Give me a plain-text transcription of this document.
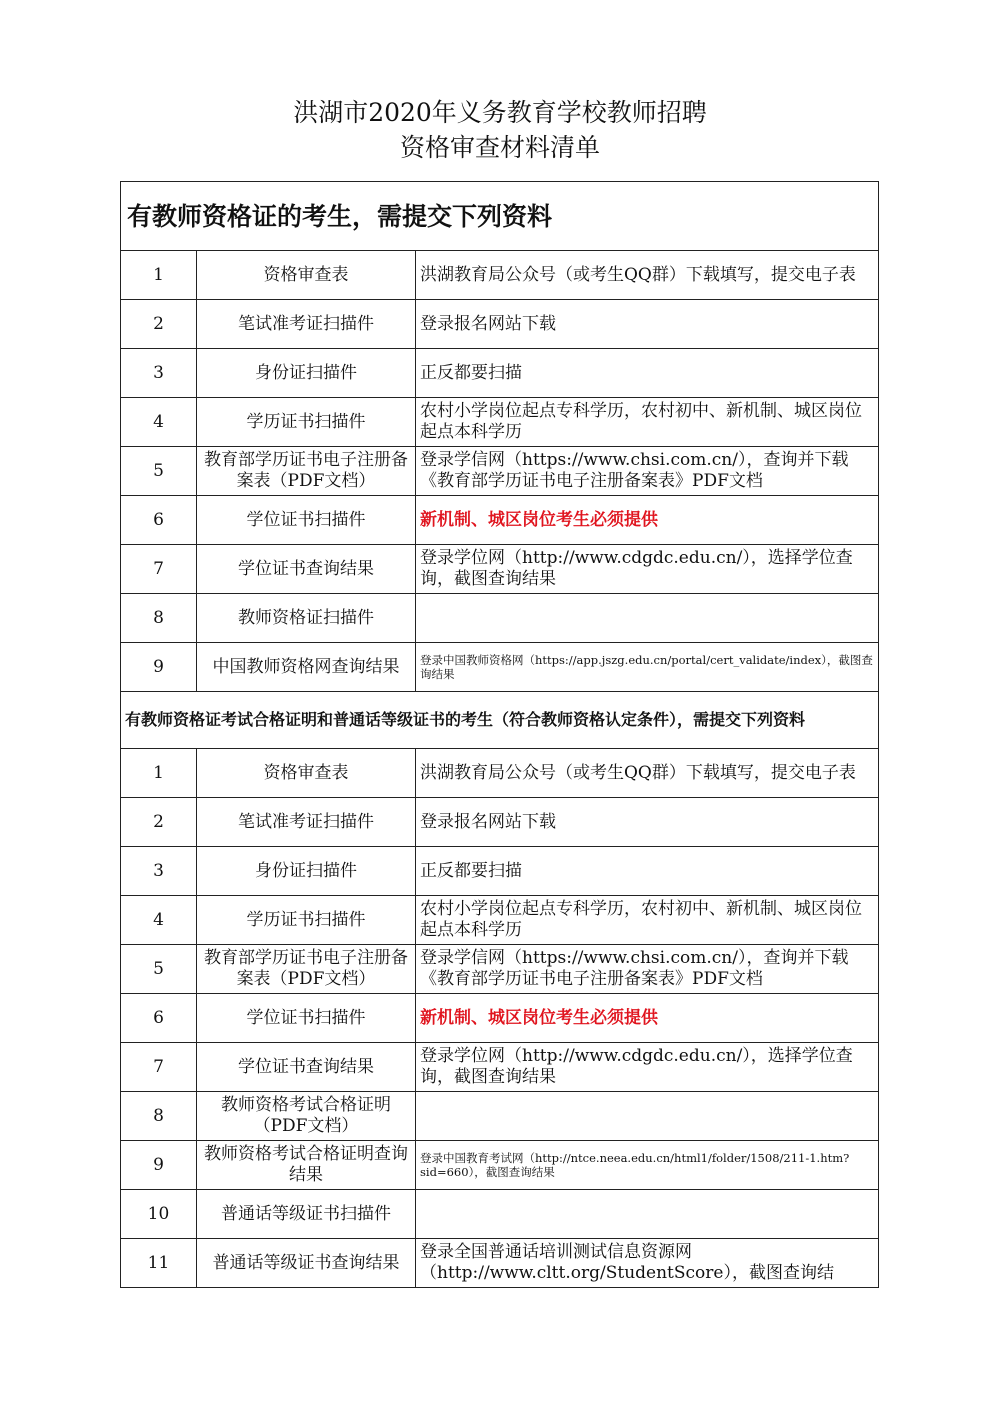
洪湖市2020年义务教育学校教师招聘
资格审查材料清单
有教师资格证的考生，需提交下列资料		
1	资格审查表	洪湖教育局公众号（或考生QQ群）下载填写，提交电子表
2	笔试准考证扫描件	登录报名网站下载
3	身份证扫描件	正反都要扫描
4	学历证书扫描件	农村小学岗位起点专科学历，农村初中、新机制、城区岗位起点本科学历
5	教育部学历证书电子注册备案表（PDF文档）	登录学信网（https://www.chsi.com.cn/），查询并下载《教育部学历证书电子注册备案表》PDF文档
6	学位证书扫描件	新机制、城区岗位考生必须提供
7	学位证书查询结果	登录学位网（http://www.cdgdc.edu.cn/），选择学位查询，截图查询结果
8	教师资格证扫描件	
9	中国教师资格网查询结果	登录中国教师资格网（https://app.jszg.edu.cn/portal/cert_validate/index），截图查询结果
有教师资格证考试合格证明和普通话等级证书的考生（符合教师资格认定条件），需提交下列资料		
1	资格审查表	洪湖教育局公众号（或考生QQ群）下载填写，提交电子表
2	笔试准考证扫描件	登录报名网站下载
3	身份证扫描件	正反都要扫描
4	学历证书扫描件	农村小学岗位起点专科学历，农村初中、新机制、城区岗位起点本科学历
5	教育部学历证书电子注册备案表（PDF文档）	登录学信网（https://www.chsi.com.cn/），查询并下载《教育部学历证书电子注册备案表》PDF文档
6	学位证书扫描件	新机制、城区岗位考生必须提供
7	学位证书查询结果	登录学位网（http://www.cdgdc.edu.cn/），选择学位查询，截图查询结果
8	教师资格考试合格证明（PDF文档）	
9	教师资格考试合格证明查询结果	登录中国教育考试网（http://ntce.neea.edu.cn/html1/folder/1508/211-1.htm?sid=660），截图查询结果
10	普通话等级证书扫描件	
11	普通话等级证书查询结果	登录全国普通话培训测试信息资源网（http://www.cltt.org/StudentScore），截图查询结
